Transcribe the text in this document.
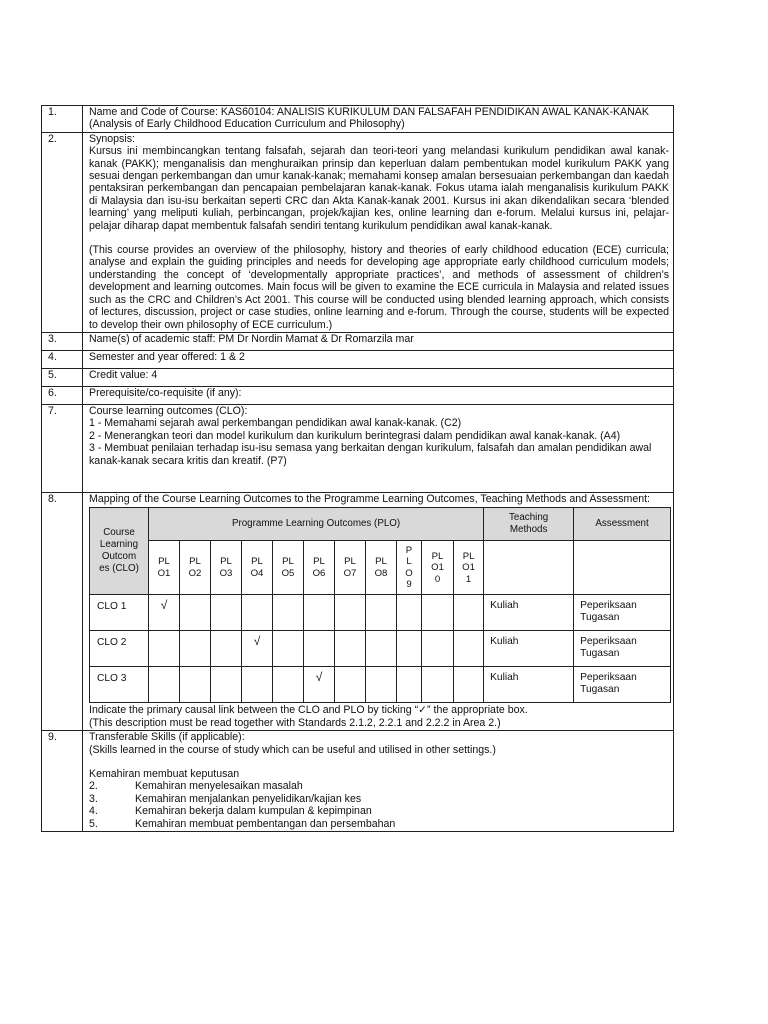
1.	Name and Code of Course: KAS60104: ANALISIS KURIKULUM DAN FALSAFAH PENDIDIKAN AWAL KANAK-KANAK (Analysis of Early Childhood Education Curriculum and Philosophy)

2.	Synopsis:

Kursus ini membincangkan tentang falsafah, sejarah dan teori-teori yang melandasi kurikulum pendidikan awal kanak-kanak (PAKK); menganalisis dan menghuraikan prinsip dan keperluan dalam pembentukan model kurikulum PAKK yang sesuai dengan perkembangan dan umur kanak-kanak; memahami konsep amalan bersesuaian perkembangan dan kaedah pentaksiran perkembangan dan pencapaian pembelajaran kanak-kanak. Fokus utama ialah menganalisis kurikulum PAKK di Malaysia dan isu-isu berkaitan seperti CRC dan Akta Kanak-kanak 2001. Kursus ini akan dikendalikan secara ‘blended learning’ yang meliputi kuliah, perbincangan, projek/kajian kes, online learning dan e-forum. Melalui kursus ini, pelajar-pelajar diharap dapat membentuk falsafah sendiri tentang kurikulum pendidikan awal kanak-kanak.

(This course provides an overview of the philosophy, history and theories of early childhood education (ECE) curricula; analyse and explain the guiding principles and needs for developing age appropriate early childhood curriculum models; understanding the concept of ‘developmentally appropriate practices’, and methods of assessment of children’s development and learning outcomes. Main focus will be given to examine the ECE curricula in Malaysia and related issues such as the CRC and Children’s Act 2001. This course will be conducted using blended learning approach, which consists of lectures, discussion, project or case studies, online learning and e-forum. Through the course, students will be expected to develop their own philosophy of ECE curriculum.)

3.	Name(s) of academic staff: PM Dr Nordin Mamat & Dr Romarzila mar

4.	Semester and year offered: 1 & 2

5.	Credit value: 4

6.	Prerequisite/co-requisite (if any):

7.	Course learning outcomes (CLO):

1 - Memahami sejarah awal perkembangan pendidikan awal kanak-kanak. (C2)

2 - Menerangkan teori dan model kurikulum dan kurikulum berintegrasi dalam pendidikan awal kanak-kanak. (A4)

3 - Membuat penilaian terhadap isu-isu semasa yang berkaitan dengan kurikulum, falsafah dan amalan pendidikan awal kanak-kanak secara kritis dan kreatif. (P7)

8.	Mapping of the Course Learning Outcomes to the Programme Learning Outcomes, Teaching Methods and Assessment:

Course
Learning
Outcom
es (CLO)	Programme Learning Outcomes (PLO)	Teaching
Methods	Assessment
PL
O1	PL
O2	PL
O3	PL
O4	PL
O5	PL
O6	PL
O7	PL
O8	P
L
O
9	PL
O1
0	PL
O1
1		
CLO 1	√											Kuliah	Peperiksaan
Tugasan
CLO 2				√								Kuliah	Peperiksaan
Tugasan
CLO 3						√						Kuliah	Peperiksaan
Tugasan

Indicate the primary causal link between the CLO and PLO by ticking “✓” the appropriate box.

(This description must be read together with Standards 2.1.2, 2.2.1 and 2.2.2 in Area 2.)

9.	Transferable Skills (if applicable):

(Skills learned in the course of study which can be useful and utilised in other settings.)

Kemahiran membuat keputusan

2.	Kemahiran menyelesaikan masalah
3.	Kemahiran menjalankan penyelidikan/kajian kes
4.	Kemahiran bekerja dalam kumpulan & kepimpinan
5.	Kemahiran membuat pembentangan dan persembahan
